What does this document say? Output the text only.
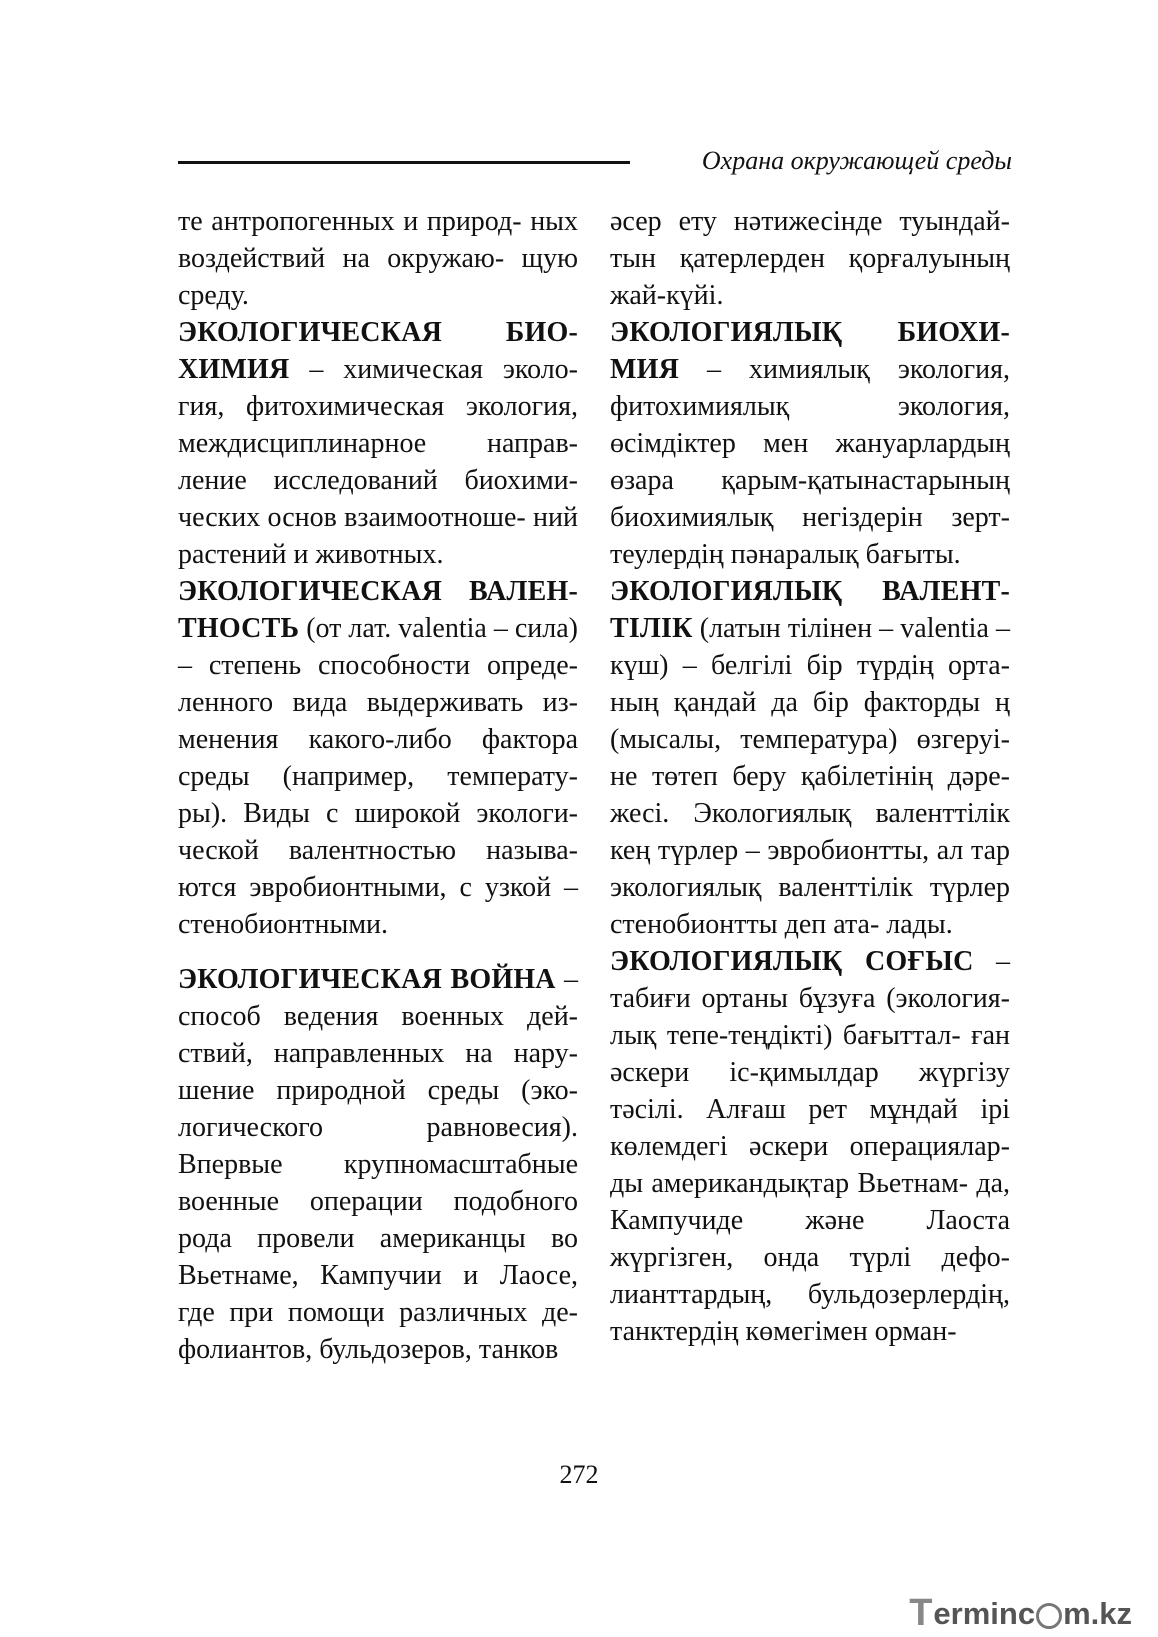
Охрана окружающей среды

те антропогенных и природ- ных воздействий на окружаю- щую среду.

ЭКОЛОГИЧЕСКАЯ БИО- ХИМИЯ – химическая эколо- гия, фитохимическая экология, междисциплинарное направ- ление исследований биохими- ческих основ взаимоотноше- ний растений и животных.

ЭКОЛОГИЧЕСКАЯ ВАЛЕН- ТНОСТЬ (от лат. valentia – сила) – степень способности опреде- ленного вида выдерживать из- менения какого-либо фактора среды (например, температу- ры). Виды с широкой экологи- ческой валентностью называ- ются эвробионтными, с узкой – стенобионтными.

ЭКОЛОГИЧЕСКАЯ ВОЙНА – способ ведения военных дей- ствий, направленных на нару- шение природной среды (эко- логического равновесия). Впервые крупномасштабные военные операции подобного рода провели американцы во Вьетнаме, Кампучии и Лаосе, где при помощи различных де- фолиантов, бульдозеров, танков

әсер ету нәтижесінде туындай- тын қатерлерден қорғалуының жай-күйі.

ЭКОЛОГИЯЛЫҚ БИОХИ- МИЯ – химиялық экология, фитохимиялық экология, өсімдіктер мен жануарлардың өзара қарым-қатынастарының биохимиялық негіздерін зерт- теулердің пәнаралық бағыты.

ЭКОЛОГИЯЛЫҚ ВАЛЕНТ- ТІЛІК (латын тілінен – valentia – күш) – белгілі бір түрдің орта- ның қандай да бір факторды ң (мысалы, температура) өзгеруі- не төтеп беру қабілетінің дәре- жесі. Экологиялық валенттілік кең түрлер – эвробионтты, ал тар экологиялық валенттілік түрлер стенобионтты деп ата- лады.

ЭКОЛОГИЯЛЫҚ СОҒЫС – табиғи ортаны бұзуға (экология- лық тепе-теңдікті) бағыттал- ған әскери іс-қимылдар жүргізу тәсілі. Алғаш рет мұндай ірі көлемдегі әскери операциялар- ды американдықтар Вьетнам- да, Кампучиде және Лаоста жүргізген, онда түрлі дефо- лианттардың, бульдозерлердің, танктердің көмегімен орман-

272
T erminc m.kz
